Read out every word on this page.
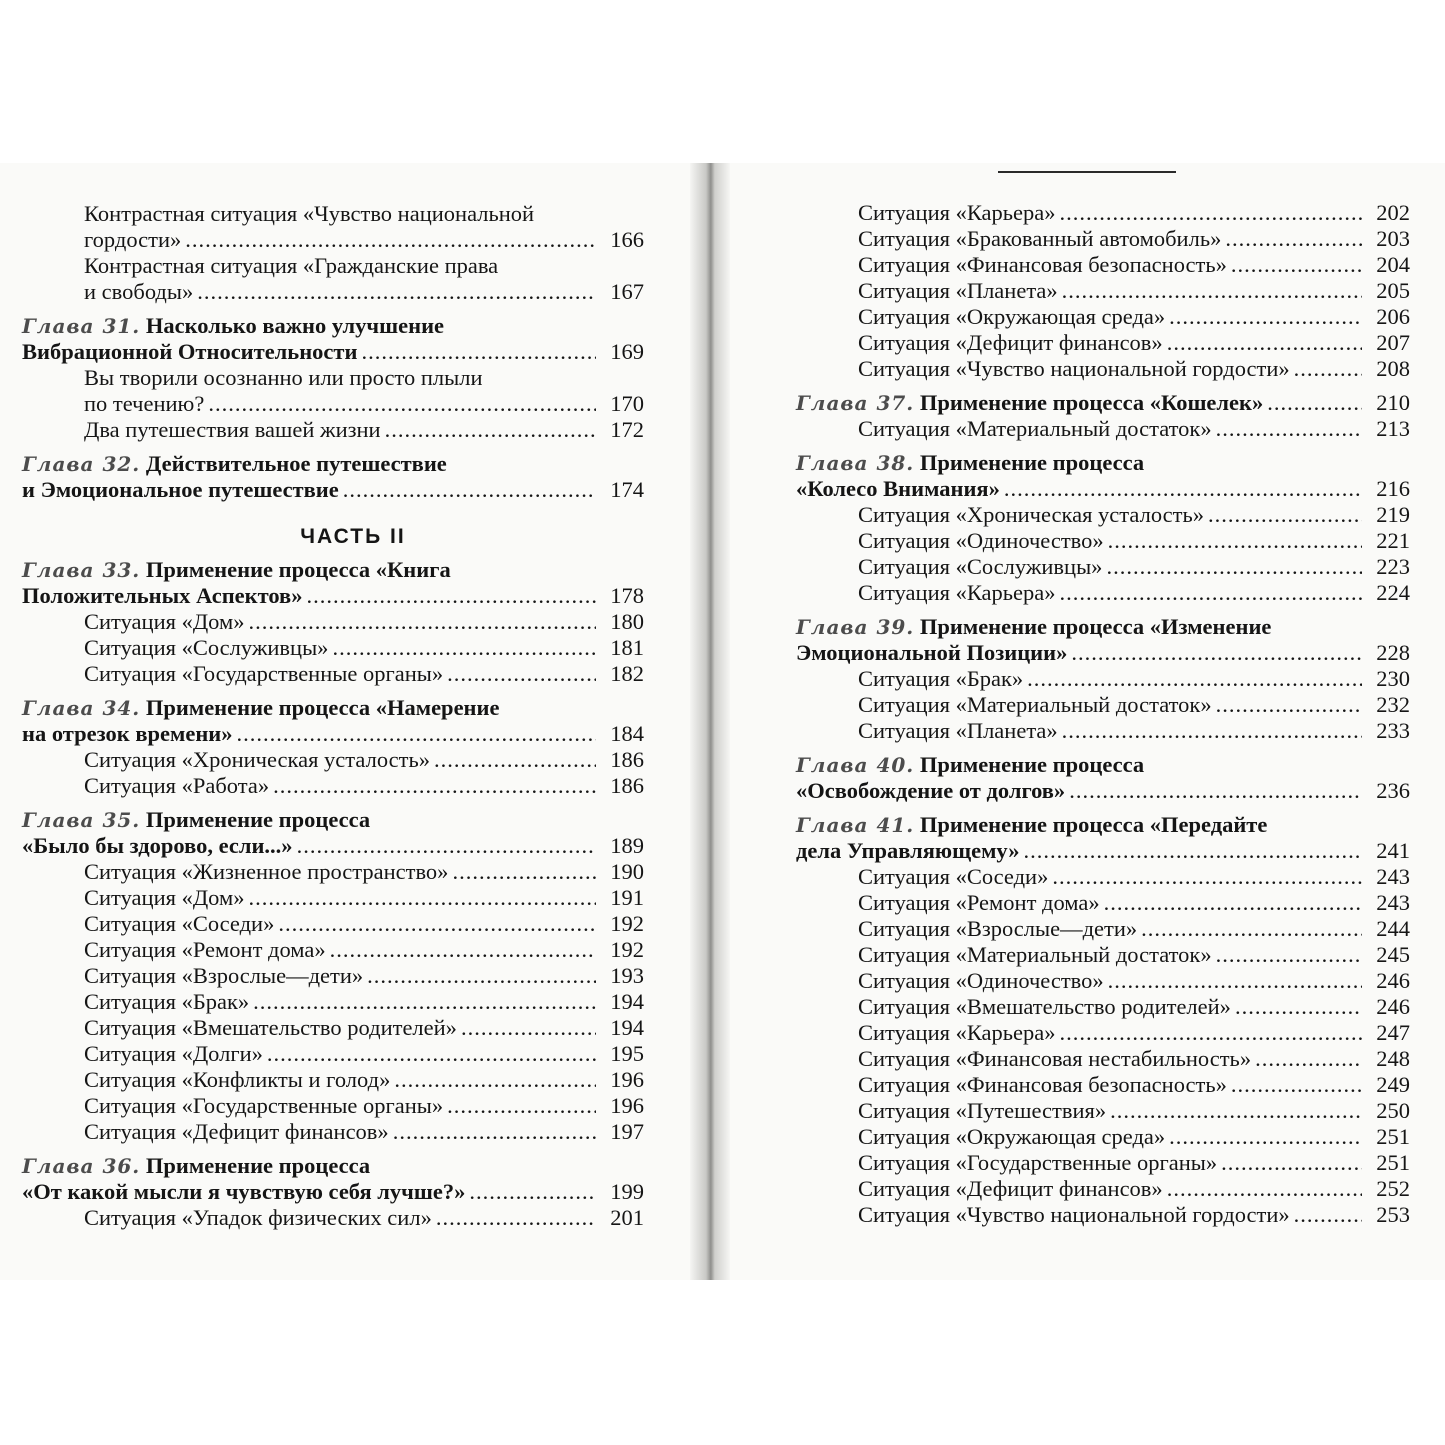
Контрастная ситуация «Чувство национальной
гордости» .....	166
Контрастная ситуация «Гражданские права
и свободы» .....	167
Глава 31.
Насколько важно улучшение
Вибрационной Относительности .....	169
Вы творили осознанно или просто плыли
по течению? .....	170
Два путешествия вашей жизни .....	172
Глава 32.
Действительное путешествие
и Эмоциональное путешествие .....	174
ЧАСТЬ II
Глава 33.
Применение процесса «Книга
Положительных Аспектов» .....	178
Ситуация «Дом» .....	180
Ситуация «Сослуживцы» .....	181
Ситуация «Государственные органы» .....	182
Глава 34.
Применение процесса «Намерение
на отрезок времени» .....	184
Ситуация «Хроническая усталость» .....	186
Ситуация «Работа» .....	186
Глава 35.
Применение процесса
«Было бы здорово, если...» .....	189
Ситуация «Жизненное пространство» .....	190
Ситуация «Дом» .....	191
Ситуация «Соседи» .....	192
Ситуация «Ремонт дома» .....	192
Ситуация «Взрослые—дети» .....	193
Ситуация «Брак» .....	194
Ситуация «Вмешательство родителей» .....	194
Ситуация «Долги» .....	195
Ситуация «Конфликты и голод» .....	196
Ситуация «Государственные органы» .....	196
Ситуация «Дефицит финансов» .....	197
Глава 36.
Применение процесса
«От какой мысли я чувствую себя лучше?» .....	199
Ситуация «Упадок физических сил» .....	201
Ситуация «Карьера» .....	202
Ситуация «Бракованный автомобиль» .....	203
Ситуация «Финансовая безопасность» .....	204
Ситуация «Планета» .....	205
Ситуация «Окружающая среда» .....	206
Ситуация «Дефицит финансов» .....	207
Ситуация «Чувство национальной гордости» .....	208
Глава 37.
Применение процесса «Кошелек» .....	210
Ситуация «Материальный достаток» .....	213
Глава 38.
Применение процесса
«Колесо Внимания» .....	216
Ситуация «Хроническая усталость» .....	219
Ситуация «Одиночество» .....	221
Ситуация «Сослуживцы» .....	223
Ситуация «Карьера» .....	224
Глава 39.
Применение процесса «Изменение
Эмоциональной Позиции» .....	228
Ситуация «Брак» .....	230
Ситуация «Материальный достаток» .....	232
Ситуация «Планета» .....	233
Глава 40.
Применение процесса
«Освобождение от долгов» .....	236
Глава 41.
Применение процесса «Передайте
дела Управляющему» .....	241
Ситуация «Соседи» .....	243
Ситуация «Ремонт дома» .....	243
Ситуация «Взрослые—дети» .....	244
Ситуация «Материальный достаток» .....	245
Ситуация «Одиночество» .....	246
Ситуация «Вмешательство родителей» .....	246
Ситуация «Карьера» .....	247
Ситуация «Финансовая нестабильность» .....	248
Ситуация «Финансовая безопасность» .....	249
Ситуация «Путешествия» .....	250
Ситуация «Окружающая среда» .....	251
Ситуация «Государственные органы» .....	251
Ситуация «Дефицит финансов» .....	252
Ситуация «Чувство национальной гордости» .....	253
